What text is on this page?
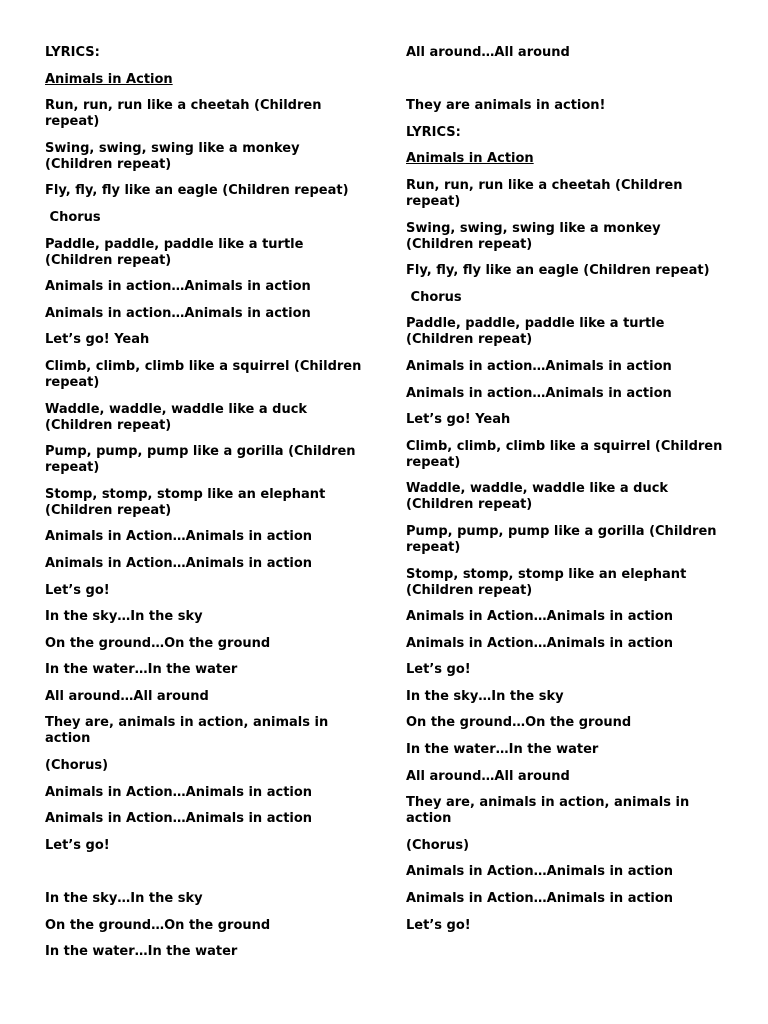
LYRICS:
Animals in Action
Run, run, run like a cheetah (Children repeat)
Swing, swing, swing like a monkey (Children repeat)
Fly, fly, fly like an eagle (Children repeat)
Chorus
Paddle, paddle, paddle like a turtle (Children repeat)
Animals in action…Animals in action
Animals in action…Animals in action
Let’s go! Yeah
Climb, climb, climb like a squirrel (Children repeat)
Waddle, waddle, waddle like a duck (Children repeat)
Pump, pump, pump like a gorilla (Children repeat)
Stomp, stomp, stomp like an elephant (Children repeat)
Animals in Action…Animals in action
Animals in Action…Animals in action
Let’s go!
In the sky…In the sky
On the ground…On the ground
In the water…In the water
All around…All around
They are, animals in action, animals in action
(Chorus)
Animals in Action…Animals in action
Animals in Action…Animals in action
Let’s go!
In the sky…In the sky
On the ground…On the ground
In the water…In the water
All around…All around
They are animals in action!
LYRICS:
Animals in Action
Run, run, run like a cheetah (Children repeat)
Swing, swing, swing like a monkey (Children repeat)
Fly, fly, fly like an eagle (Children repeat)
Chorus
Paddle, paddle, paddle like a turtle (Children repeat)
Animals in action…Animals in action
Animals in action…Animals in action
Let’s go! Yeah
Climb, climb, climb like a squirrel (Children repeat)
Waddle, waddle, waddle like a duck (Children repeat)
Pump, pump, pump like a gorilla (Children repeat)
Stomp, stomp, stomp like an elephant (Children repeat)
Animals in Action…Animals in action
Animals in Action…Animals in action
Let’s go!
In the sky…In the sky
On the ground…On the ground
In the water…In the water
All around…All around
They are, animals in action, animals in action
(Chorus)
Animals in Action…Animals in action
Animals in Action…Animals in action
Let’s go!
